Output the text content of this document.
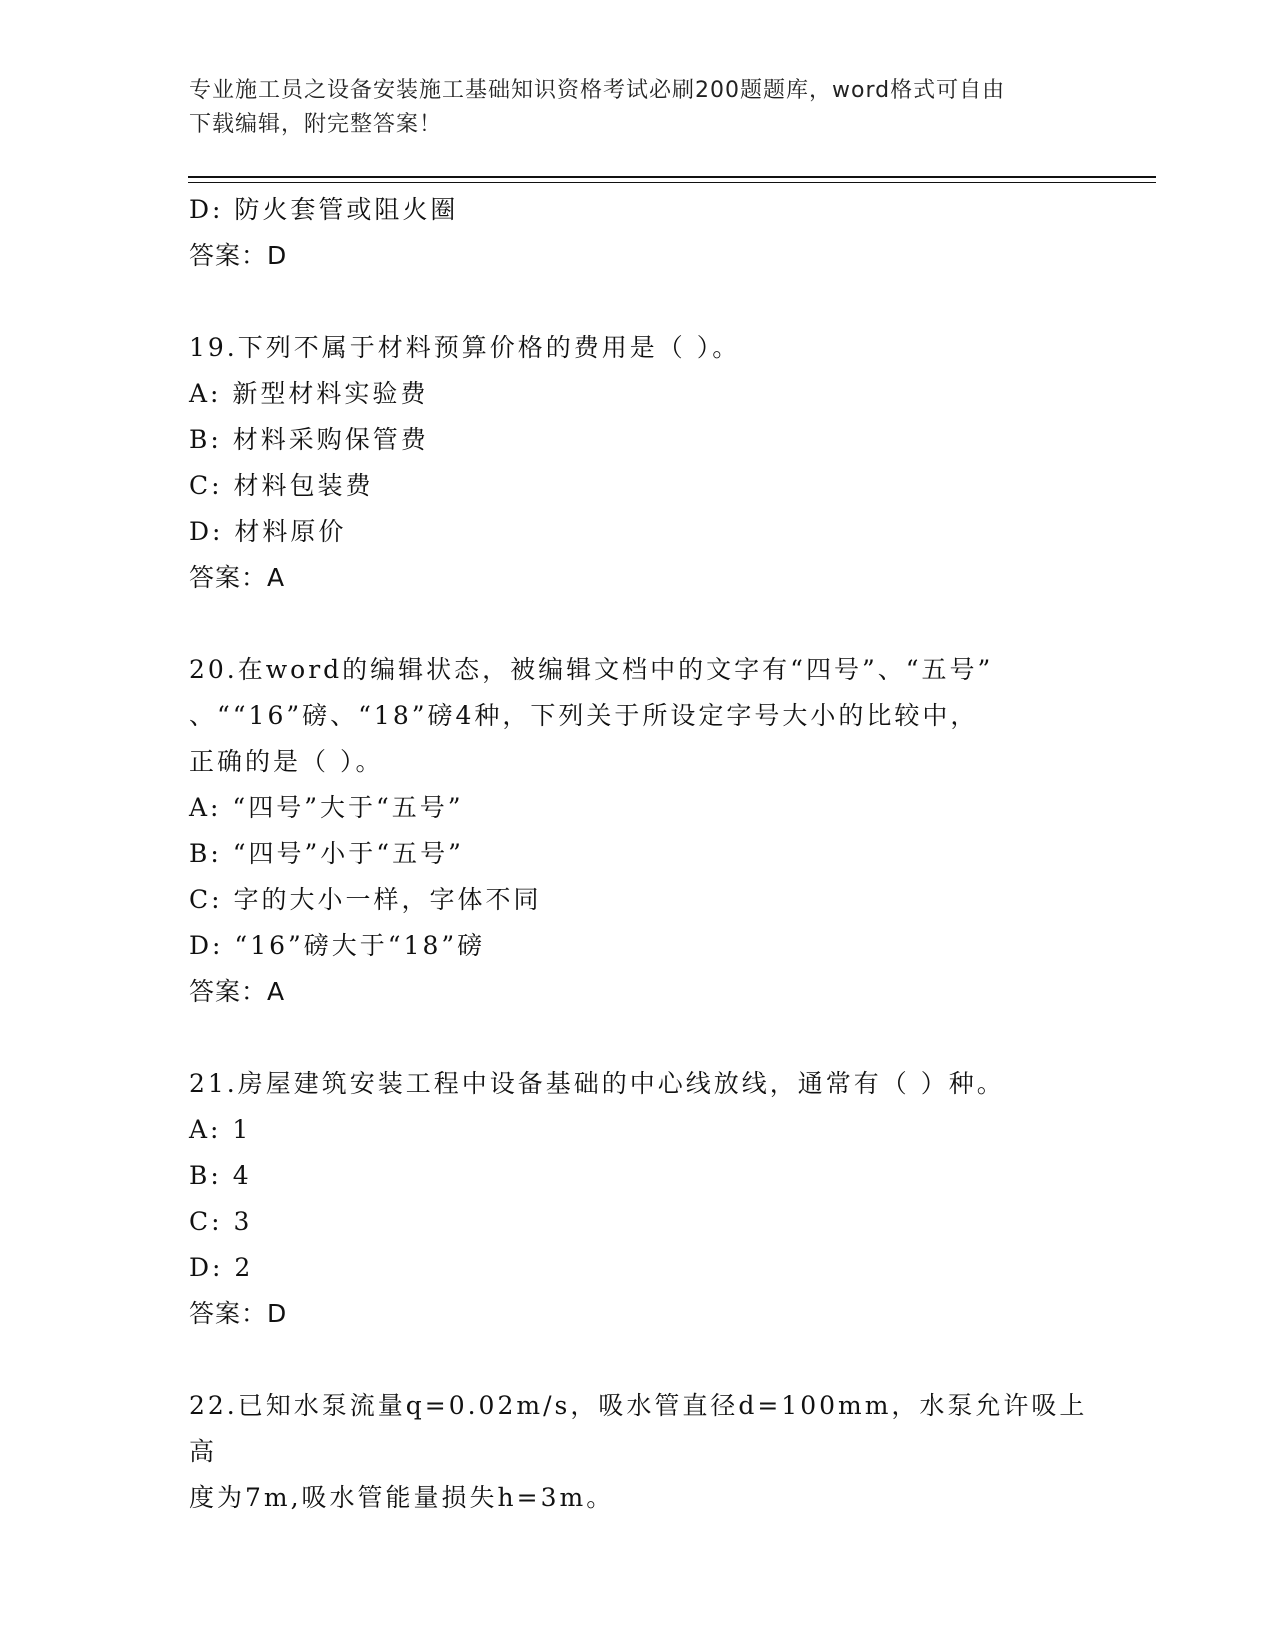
专业施工员之设备安装施工基础知识资格考试必刷200题题库，word格式可自由
下载编辑，附完整答案！
D: 防火套管或阻火圈
答案：D
19.下列不属于材料预算价格的费用是（ ）。
A: 新型材料实验费
B: 材料采购保管费
C: 材料包装费
D: 材料原价
答案：A
20.在word的编辑状态，被编辑文档中的文字有“四号”、“五号”
、““16”磅、“18”磅4种，下列关于所设定字号大小的比较中，
正确的是（ ）。
A: “四号”大于“五号”
B: “四号”小于“五号”
C: 字的大小一样，字体不同
D: “16”磅大于“18”磅
答案：A
21.房屋建筑安装工程中设备基础的中心线放线，通常有（ ）种。
A: 1
B: 4
C: 3
D: 2
答案：D
22.已知水泵流量q=0.02m/s，吸水管直径d=100mm，水泵允许吸上高
度为7m,吸水管能量损失h=3m。
